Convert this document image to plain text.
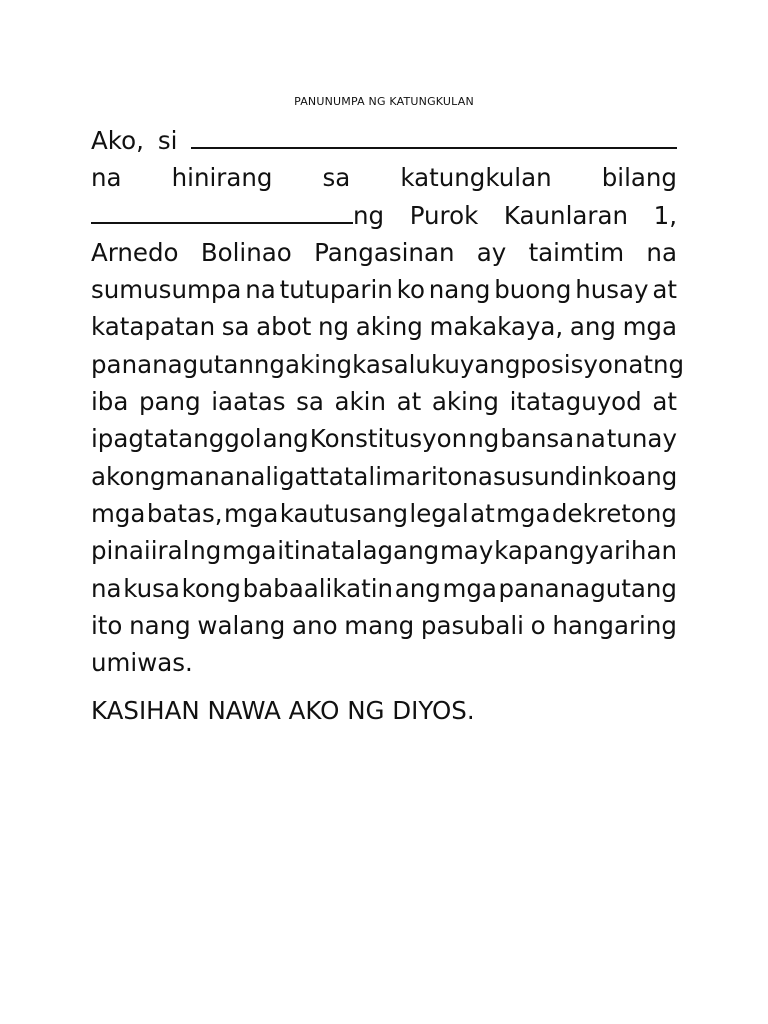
PANUNUMPA NG KATUNGKULAN
Ako, si
na hinirang sa katungkulan bilang
ng Purok Kaunlaran 1,
Arnedo Bolinao Pangasinan ay taimtim na
sumusumpa na tutuparin ko nang buong husay at
katapatan sa abot ng aking makakaya, ang mga
pananagutan ng aking kasalukuyang posisyon at ng
iba pang iaatas sa akin at aking itataguyod at
ipagtatanggol ang Konstitusyon ng bansa na tunay
akong mananalig at tatalima rito na susundin ko ang
mga batas, mga kautusang legal at mga dekretong
pinaiiral ng mga itinatalagang may kapangyarihan
na kusa kong babaalikatin ang mga pananagutang
ito nang walang ano mang pasubali o hangaring
umiwas.
KASIHAN NAWA AKO NG DIYOS.
